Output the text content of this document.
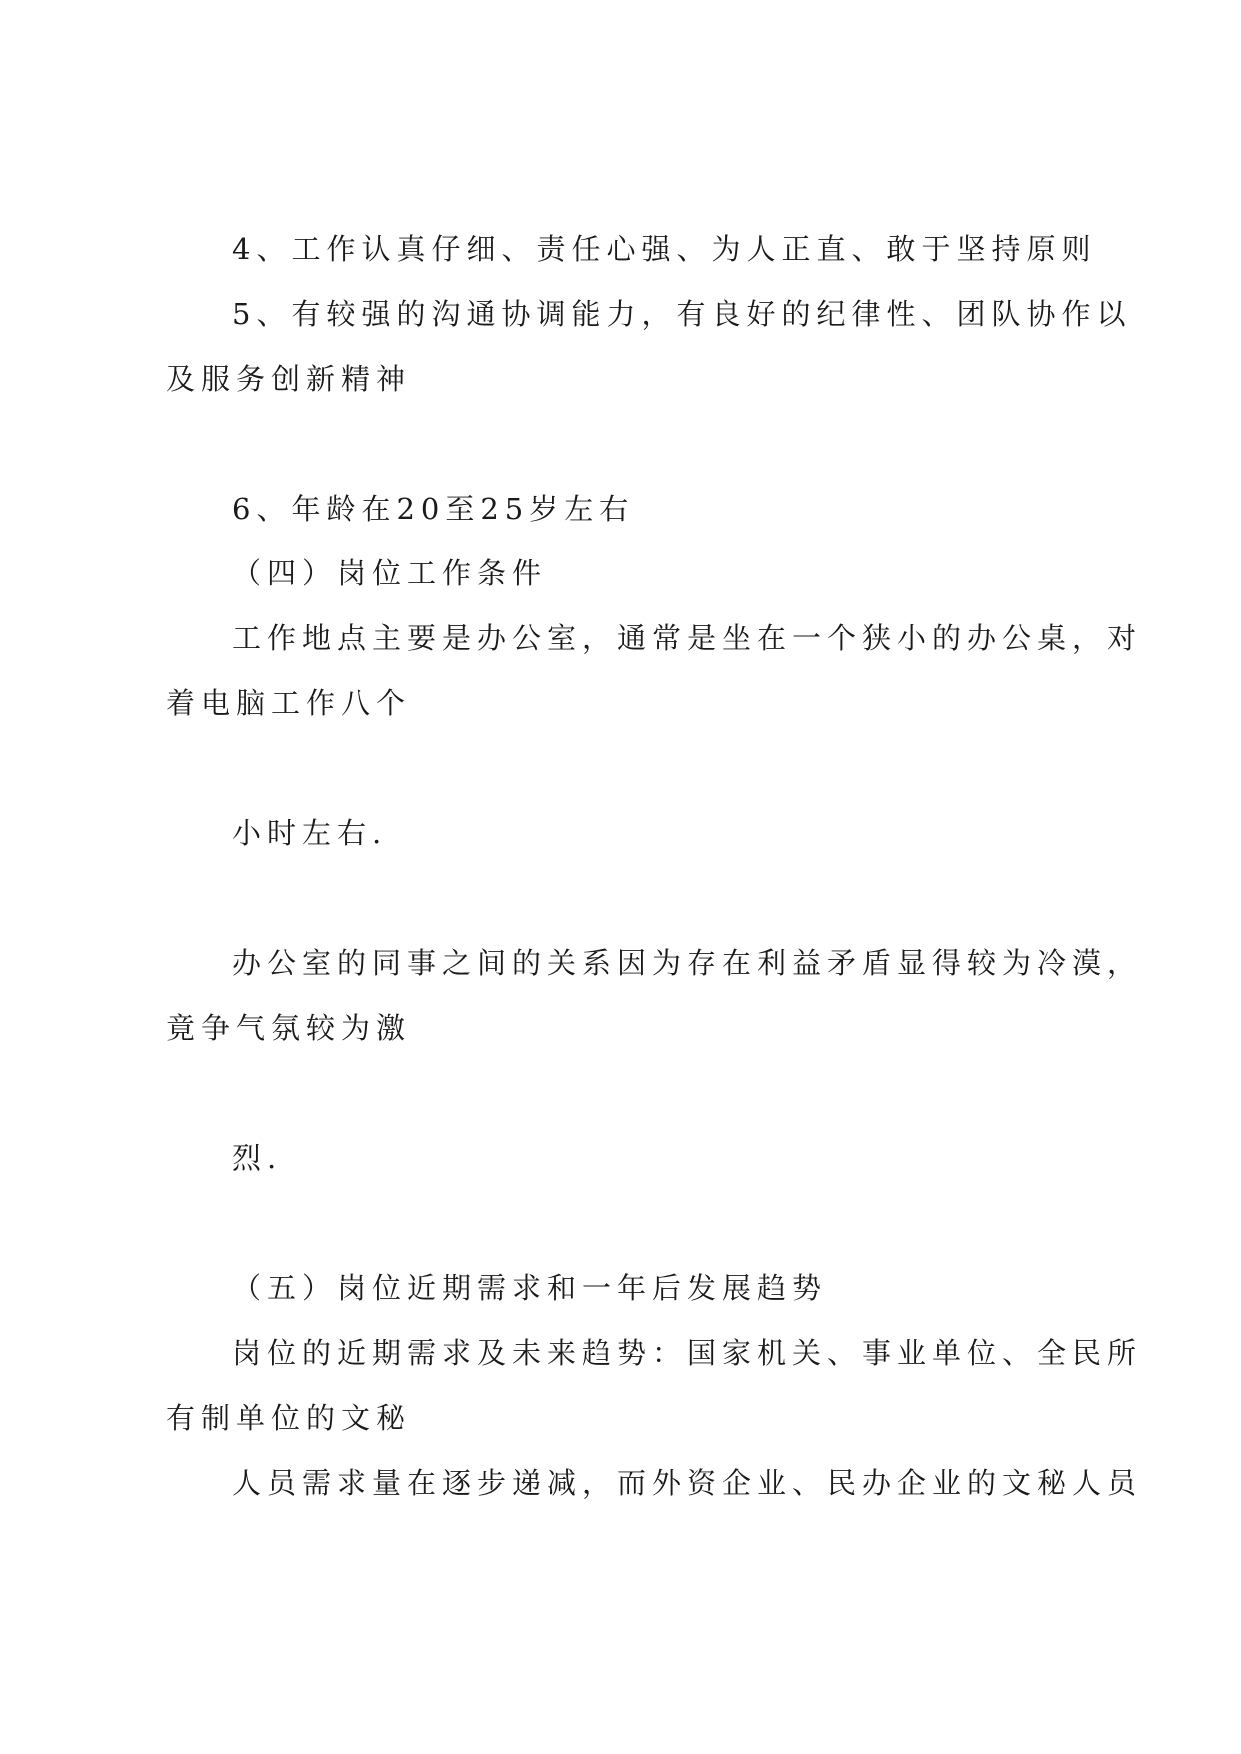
4、工作认真仔细、责任心强、为人正直、敢于坚持原则
5、有较强的沟通协调能力，有良好的纪律性、团队协作以
及服务创新精神
6、年龄在20至25岁左右
（四）岗位工作条件
工作地点主要是办公室，通常是坐在一个狭小的办公桌，对
着电脑工作八个
小时左右.
办公室的同事之间的关系因为存在利益矛盾显得较为冷漠，
竟争气氛较为激
烈.
（五）岗位近期需求和一年后发展趋势
岗位的近期需求及未来趋势：国家机关、事业单位、全民所
有制单位的文秘
人员需求量在逐步递减，而外资企业、民办企业的文秘人员
